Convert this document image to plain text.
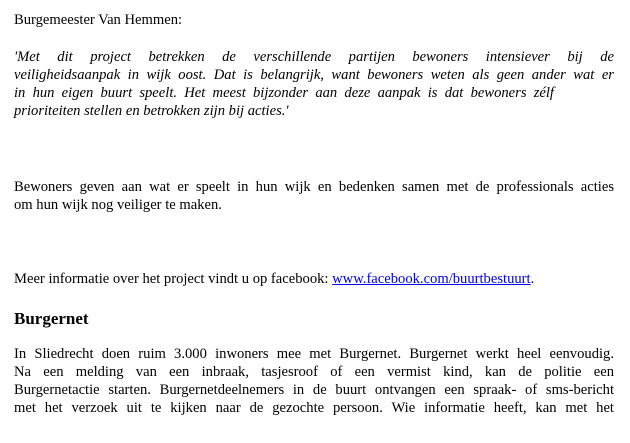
Burgemeester Van Hemmen:
'Met dit project betrekken de verschillende partijen bewoners intensiever bij de
veiligheidsaanpak in wijk oost. Dat is belangrijk, want bewoners weten als geen ander wat er
in hun eigen buurt speelt. Het meest bijzonder aan deze aanpak is dat bewoners zélf
prioriteiten stellen en betrokken zijn bij acties.'
Bewoners geven aan wat er speelt in hun wijk en bedenken samen met de professionals acties
om hun wijk nog veiliger te maken.
Meer informatie over het project vindt u op facebook: www.facebook.com/buurtbestuurt.
Burgernet
In Sliedrecht doen ruim 3.000 inwoners mee met Burgernet. Burgernet werkt heel eenvoudig.
Na een melding van een inbraak, tasjesroof of een vermist kind, kan de politie een
Burgernetactie starten. Burgernetdeelnemers in de buurt ontvangen een spraak- of sms-bericht
met het verzoek uit te kijken naar de gezochte persoon. Wie informatie heeft, kan met het
